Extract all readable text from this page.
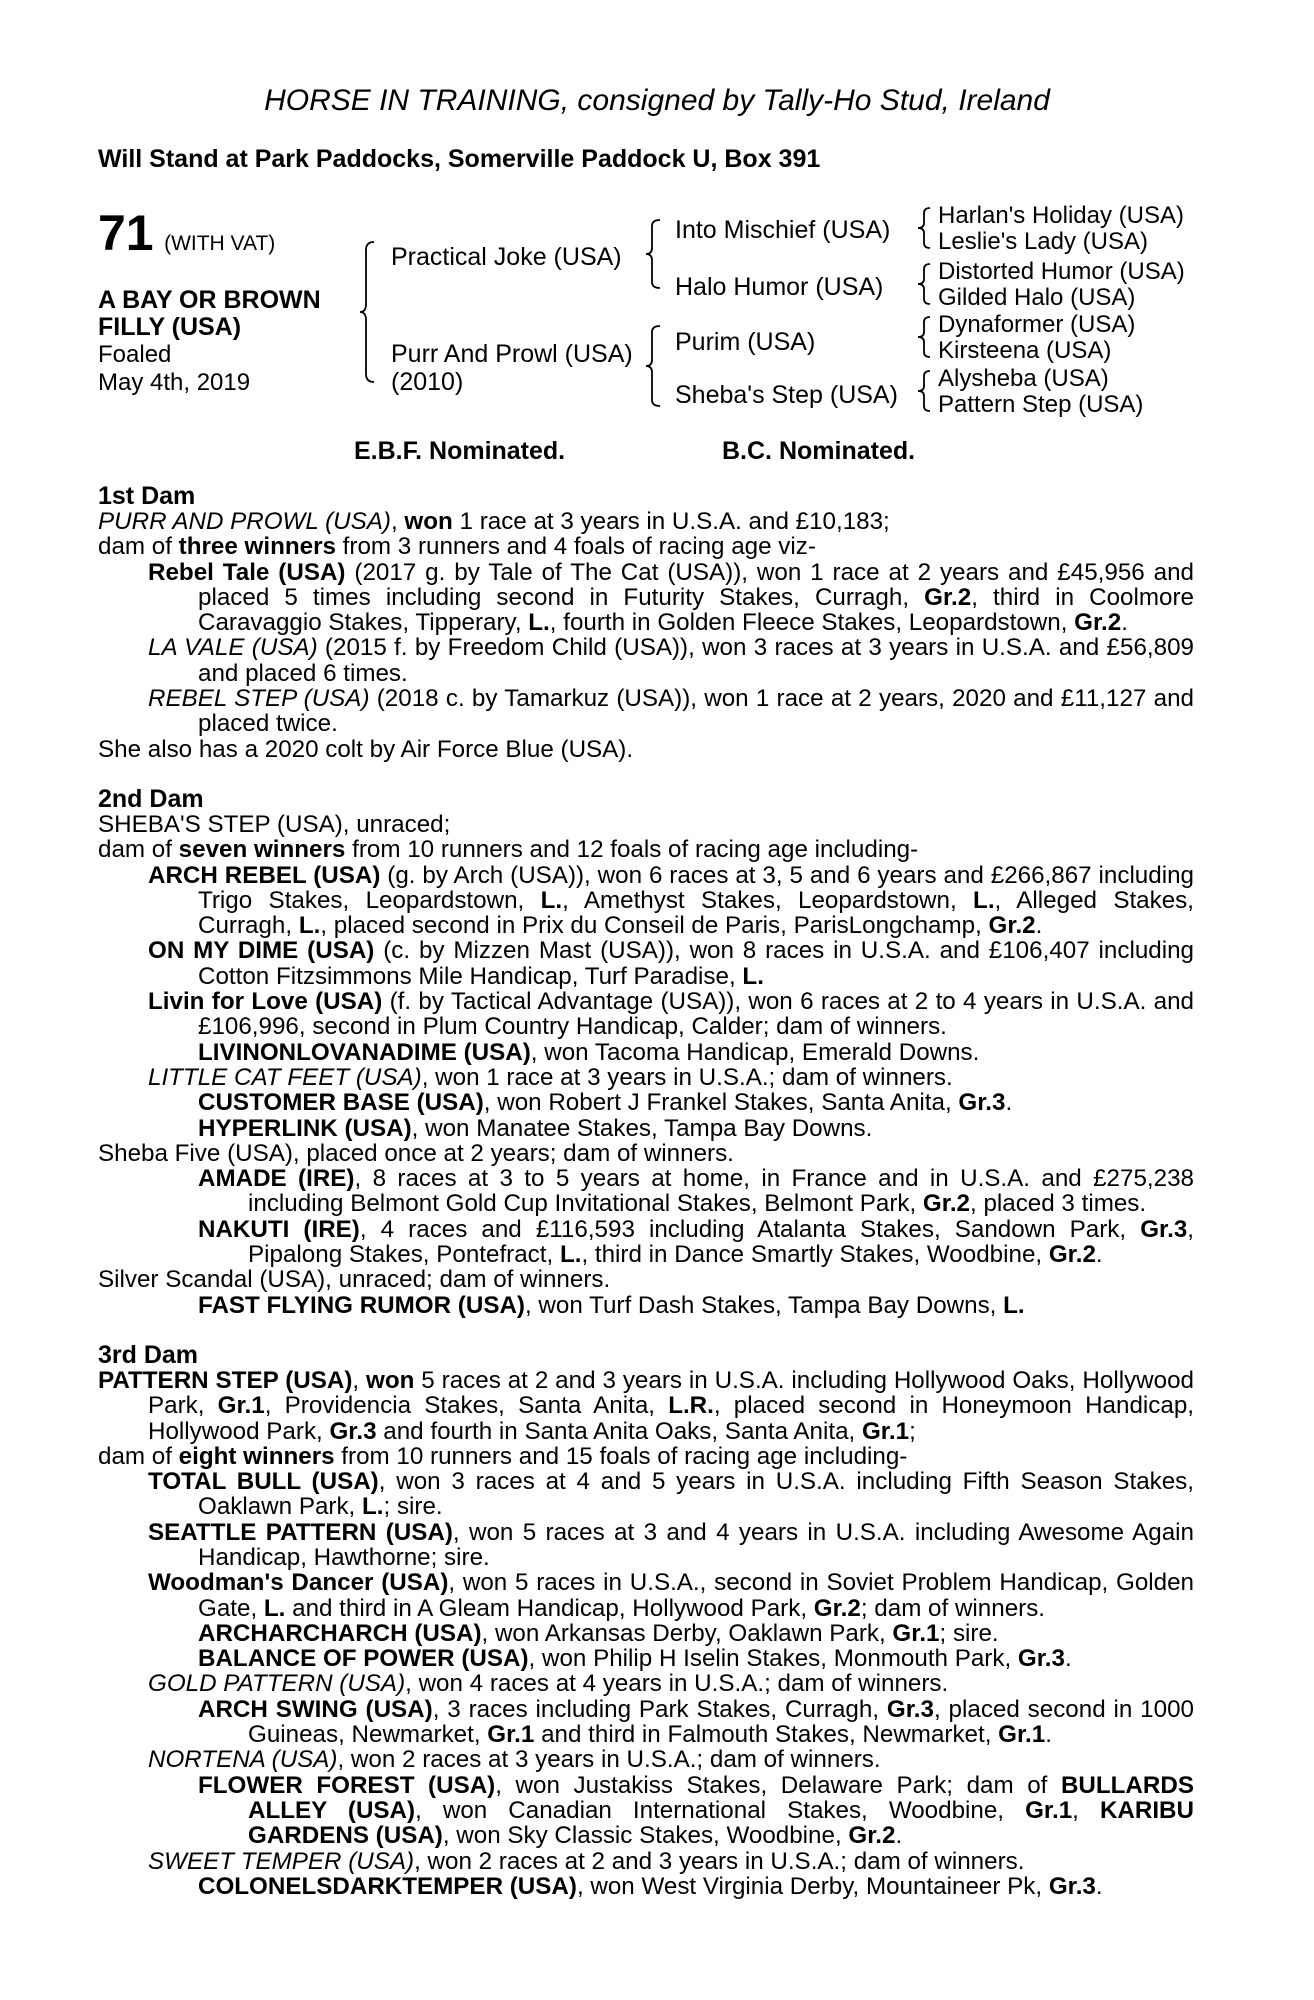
HORSE IN TRAINING, consigned by Tally-Ho Stud, Ireland
Will Stand at Park Paddocks, Somerville Paddock U, Box 391
71 (WITH VAT)
A BAY OR BROWN
FILLY (USA)
Foaled
May 4th, 2019
Practical Joke (USA)
Purr And Prowl (USA)
(2010)
Into Mischief (USA)
Halo Humor (USA)
Purim (USA)
Sheba's Step (USA)
Harlan's Holiday (USA)
Leslie's Lady (USA)
Distorted Humor (USA)
Gilded Halo (USA)
Dynaformer (USA)
Kirsteena (USA)
Alysheba (USA)
Pattern Step (USA)
E.B.F. Nominated.	B.C. Nominated.
1st Dam

PURR AND PROWL (USA), won 1 race at 3 years in U.S.A. and £10,183;

dam of three winners from 3 runners and 4 foals of racing age viz-

Rebel Tale (USA) (2017 g. by Tale of The Cat (USA)), won 1 race at 2 years and £45,956 and placed 5 times including second in Futurity Stakes, Curragh, Gr.2, third in Coolmore Caravaggio Stakes, Tipperary, L., fourth in Golden Fleece Stakes, Leopardstown, Gr.2.

LA VALE (USA) (2015 f. by Freedom Child (USA)), won 3 races at 3 years in U.S.A. and £56,809 and placed 6 times.

REBEL STEP (USA) (2018 c. by Tamarkuz (USA)), won 1 race at 2 years, 2020 and £11,127 and placed twice.

She also has a 2020 colt by Air Force Blue (USA).

2nd Dam

SHEBA'S STEP (USA), unraced;

dam of seven winners from 10 runners and 12 foals of racing age including-

ARCH REBEL (USA) (g. by Arch (USA)), won 6 races at 3, 5 and 6 years and £266,867 including Trigo Stakes, Leopardstown, L., Amethyst Stakes, Leopardstown, L., Alleged Stakes, Curragh, L., placed second in Prix du Conseil de Paris, ParisLongchamp, Gr.2.

ON MY DIME (USA) (c. by Mizzen Mast (USA)), won 8 races in U.S.A. and £106,407 including Cotton Fitzsimmons Mile Handicap, Turf Paradise, L.

Livin for Love (USA) (f. by Tactical Advantage (USA)), won 6 races at 2 to 4 years in U.S.A. and £106,996, second in Plum Country Handicap, Calder; dam of winners.

LIVINONLOVANADIME (USA), won Tacoma Handicap, Emerald Downs.

LITTLE CAT FEET (USA), won 1 race at 3 years in U.S.A.; dam of winners.

CUSTOMER BASE (USA), won Robert J Frankel Stakes, Santa Anita, Gr.3.

HYPERLINK (USA), won Manatee Stakes, Tampa Bay Downs.

Sheba Five (USA), placed once at 2 years; dam of winners.

AMADE (IRE), 8 races at 3 to 5 years at home, in France and in U.S.A. and £275,238 including Belmont Gold Cup Invitational Stakes, Belmont Park, Gr.2, placed 3 times.

NAKUTI (IRE), 4 races and £116,593 including Atalanta Stakes, Sandown Park, Gr.3, Pipalong Stakes, Pontefract, L., third in Dance Smartly Stakes, Woodbine, Gr.2.

Silver Scandal (USA), unraced; dam of winners.

FAST FLYING RUMOR (USA), won Turf Dash Stakes, Tampa Bay Downs, L.

3rd Dam

PATTERN STEP (USA), won 5 races at 2 and 3 years in U.S.A. including Hollywood Oaks, Hollywood Park, Gr.1, Providencia Stakes, Santa Anita, L.R., placed second in Honeymoon Handicap, Hollywood Park, Gr.3 and fourth in Santa Anita Oaks, Santa Anita, Gr.1;

dam of eight winners from 10 runners and 15 foals of racing age including-

TOTAL BULL (USA), won 3 races at 4 and 5 years in U.S.A. including Fifth Season Stakes, Oaklawn Park, L.; sire.

SEATTLE PATTERN (USA), won 5 races at 3 and 4 years in U.S.A. including Awesome Again Handicap, Hawthorne; sire.

Woodman's Dancer (USA), won 5 races in U.S.A., second in Soviet Problem Handicap, Golden Gate, L. and third in A Gleam Handicap, Hollywood Park, Gr.2; dam of winners.

ARCHARCHARCH (USA), won Arkansas Derby, Oaklawn Park, Gr.1; sire.

BALANCE OF POWER (USA), won Philip H Iselin Stakes, Monmouth Park, Gr.3.

GOLD PATTERN (USA), won 4 races at 4 years in U.S.A.; dam of winners.

ARCH SWING (USA), 3 races including Park Stakes, Curragh, Gr.3, placed second in 1000 Guineas, Newmarket, Gr.1 and third in Falmouth Stakes, Newmarket, Gr.1.

NORTENA (USA), won 2 races at 3 years in U.S.A.; dam of winners.

FLOWER FOREST (USA), won Justakiss Stakes, Delaware Park; dam of BULLARDS ALLEY (USA), won Canadian International Stakes, Woodbine, Gr.1, KARIBU GARDENS (USA), won Sky Classic Stakes, Woodbine, Gr.2.

SWEET TEMPER (USA), won 2 races at 2 and 3 years in U.S.A.; dam of winners.

COLONELSDARKTEMPER (USA), won West Virginia Derby, Mountaineer Pk, Gr.3.
